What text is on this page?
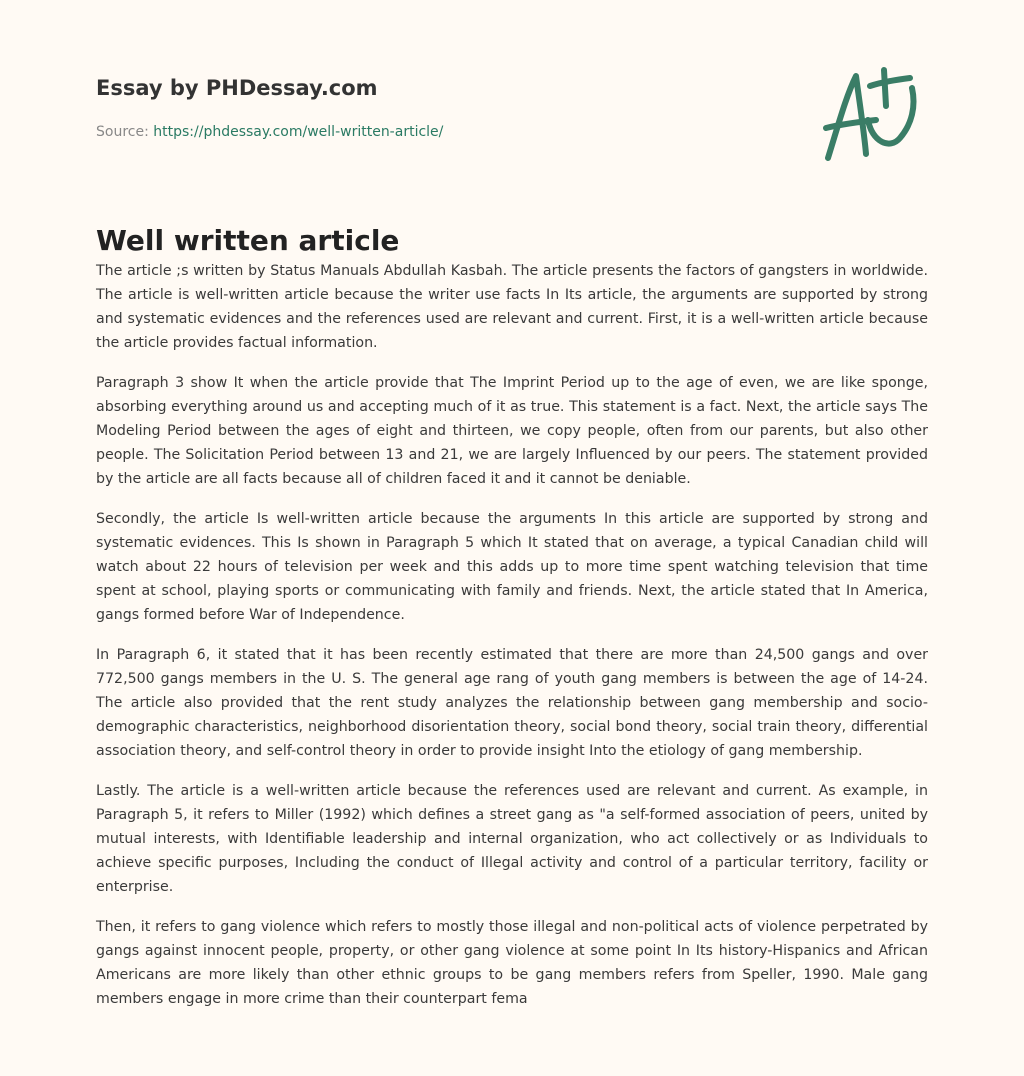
Essay by PHDessay.com
Source: https://phdessay.com/well-written-article/
Well written article

The article ;s written by Status Manuals Abdullah Kasbah. The article presents the factors of gangsters in worldwide. The article is well-written article because the writer use facts In Its article, the arguments are supported by strong and systematic evidences and the references used are relevant and current. First, it is a well-written article because the article provides factual information.

Paragraph 3 show It when the article provide that The Imprint Period up to the age of even, we are like sponge, absorbing everything around us and accepting much of it as true. This statement is a fact. Next, the article says The Modeling Period between the ages of eight and thirteen, we copy people, often from our parents, but also other people. The Solicitation Period between 13 and 21, we are largely Influenced by our peers. The statement provided by the article are all facts because all of children faced it and it cannot be deniable.

Secondly, the article Is well-written article because the arguments In this article are supported by strong and systematic evidences. This Is shown in Paragraph 5 which It stated that on average, a typical Canadian child will watch about 22 hours of television per week and this adds up to more time spent watching television that time spent at school, playing sports or communicating with family and friends. Next, the article stated that In America, gangs formed before War of Independence.

In Paragraph 6, it stated that it has been recently estimated that there are more than 24,500 gangs and over 772,500 gangs members in the U. S. The general age rang of youth gang members is between the age of 14-24. The article also provided that the rent study analyzes the relationship between gang membership and socio-demographic characteristics, neighborhood disorientation theory, social bond theory, social train theory, differential association theory, and self-control theory in order to provide insight Into the etiology of gang membership.

Lastly. The article is a well-written article because the references used are relevant and current. As example, in Paragraph 5, it refers to Miller (1992) which defines a street gang as "a self-formed association of peers, united by mutual interests, with Identifiable leadership and internal organization, who act collectively or as Individuals to achieve specific purposes, Including the conduct of Illegal activity and control of a particular territory, facility or enterprise.

Then, it refers to gang violence which refers to mostly those illegal and non-political acts of violence perpetrated by gangs against innocent people, property, or other gang violence at some point In Its history-Hispanics and African Americans are more likely than other ethnic groups to be gang members refers from Speller, 1990. Male gang members engage in more crime than their counterpart fema
